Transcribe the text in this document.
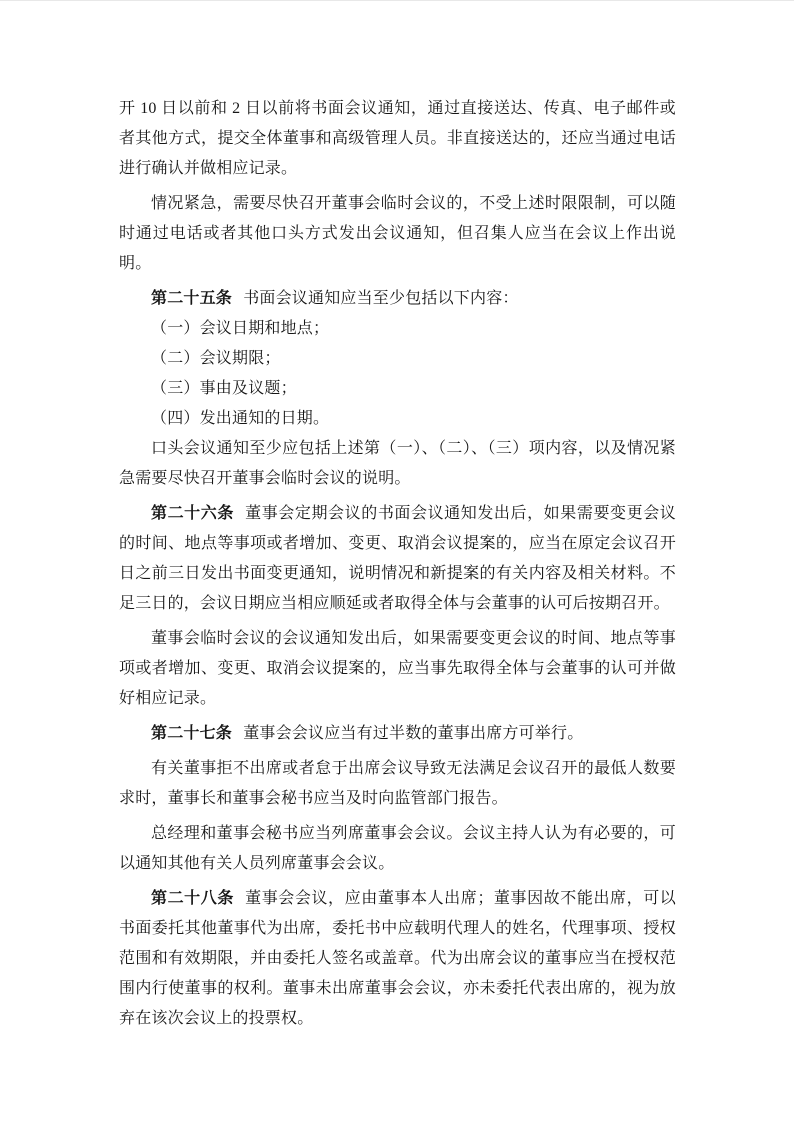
开 10 日以前和 2 日以前将书面会议通知，通过直接送达、传真、电子邮件或者其他方式，提交全体董事和高级管理人员。非直接送达的，还应当通过电话进行确认并做相应记录。

情况紧急，需要尽快召开董事会临时会议的，不受上述时限限制，可以随时通过电话或者其他口头方式发出会议通知，但召集人应当在会议上作出说明。

第二十五条 书面会议通知应当至少包括以下内容：

（一）会议日期和地点；

（二）会议期限；

（三）事由及议题；

（四）发出通知的日期。

口头会议通知至少应包括上述第（一）、（二）、（三）项内容，以及情况紧急需要尽快召开董事会临时会议的说明。

第二十六条 董事会定期会议的书面会议通知发出后，如果需要变更会议的时间、地点等事项或者增加、变更、取消会议提案的，应当在原定会议召开日之前三日发出书面变更通知，说明情况和新提案的有关内容及相关材料。不足三日的，会议日期应当相应顺延或者取得全体与会董事的认可后按期召开。

董事会临时会议的会议通知发出后，如果需要变更会议的时间、地点等事项或者增加、变更、取消会议提案的，应当事先取得全体与会董事的认可并做好相应记录。

第二十七条 董事会会议应当有过半数的董事出席方可举行。

有关董事拒不出席或者怠于出席会议导致无法满足会议召开的最低人数要求时，董事长和董事会秘书应当及时向监管部门报告。

总经理和董事会秘书应当列席董事会会议。会议主持人认为有必要的，可以通知其他有关人员列席董事会会议。

第二十八条 董事会会议，应由董事本人出席；董事因故不能出席，可以书面委托其他董事代为出席，委托书中应载明代理人的姓名，代理事项、授权范围和有效期限，并由委托人签名或盖章。代为出席会议的董事应当在授权范围内行使董事的权利。董事未出席董事会会议，亦未委托代表出席的，视为放弃在该次会议上的投票权。
